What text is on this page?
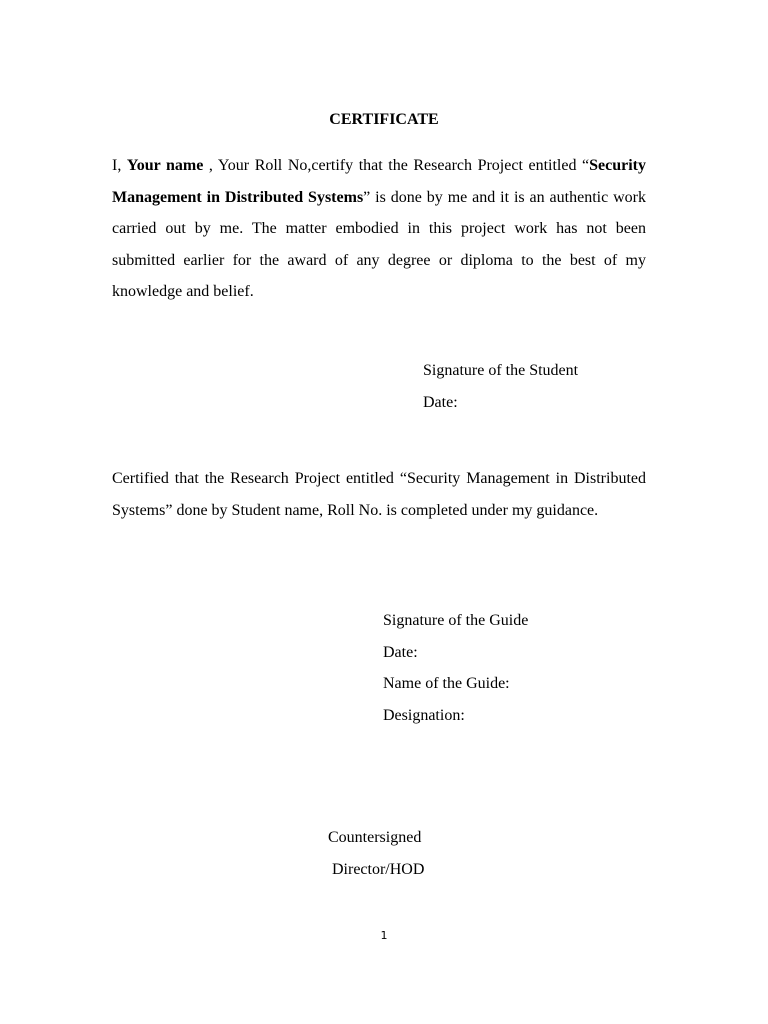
CERTIFICATE

I, Your name , Your Roll No,certify that the Research Project entitled “Security Management in Distributed Systems” is done by me and it is an authentic work carried out by me. The matter embodied in this project work has not been submitted earlier for the award of any degree or diploma to the best of my knowledge and belief.

Signature of the Student
Date:

Certified that the Research Project entitled “Security Management in Distributed Systems” done by Student name, Roll No. is completed under my guidance.

Signature of the Guide
Date:
Name of the Guide:
Designation:
Countersigned
Director/HOD

1
